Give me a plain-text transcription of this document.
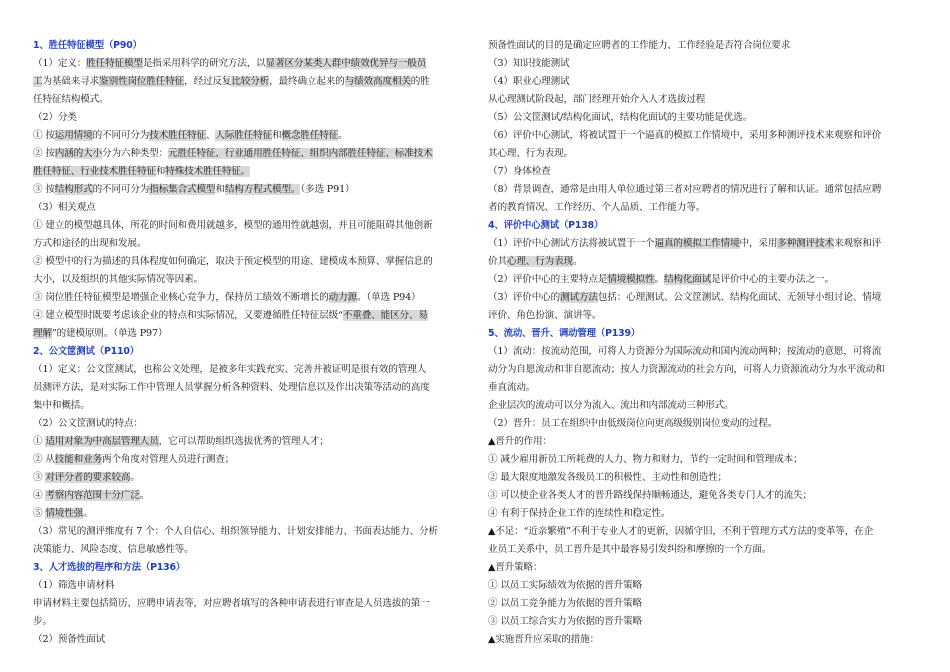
1、胜任特征模型（P90）
（1）定义：胜任特征模型是指采用科学的研究方法，以显著区分某类人群中绩效优异与一般员
工为基础来寻求鉴别性岗位胜任特征，经过反复比较分析，最终确立起来的与绩效高度相关的胜
任特征结构模式。
（2）分类
① 按运用情境的不同可分为技术胜任特征、人际胜任特征和概念胜任特征。
② 按内涵的大小分为六种类型：元胜任特征、行业通用胜任特征、组织内部胜任特征、标准技术
胜任特征、行业技术胜任特征和特殊技术胜任特征。
③ 按结构形式的不同可分为指标集合式模型和结构方程式模型。（多选 P91）
（3）相关观点
① 建立的模型越具体，所花的时间和费用就越多，模型的通用性就越弱，并且可能阻碍其他创新
方式和途径的出现和发展。
② 模型中的行为描述的具体程度如何确定，取决于预定模型的用途、建模成本预算、掌握信息的
大小，以及组织的其他实际情况等因素。
③ 岗位胜任特征模型是增强企业核心竞争力，保持员工绩效不断增长的动力源。（单选 P94）
④ 建立模型时既要考虑该企业的特点和实际情况，又要遵循胜任特征层级“不重叠、能区分、易
理解”的建模原则。（单选 P97）
2、公文筐测试（P110）
（1）定义：公文筐测试，也称公文处理，是被多年实践充实、完善并被证明是很有效的管理人
员测评方法，是对实际工作中管理人员掌握分析各种资料、处理信息以及作出决策等活动的高度
集中和概括。
（2）公文筐测试的特点：
① 适用对象为中高层管理人员，它可以帮助组织选拔优秀的管理人才；
② 从技能和业务两个角度对管理人员进行测查；
③ 对评分者的要求较高。
④ 考察内容范围十分广泛。
⑤ 情境性强。
（3）常见的测评维度有 7 个：个人自信心、组织领导能力、计划安排能力、书面表达能力、分析
决策能力、风险态度、信息敏感性等。
3、人才选拔的程序和方法（P136）
（1）筛选申请材料
申请材料主要包括简历、应聘申请表等，对应聘者填写的各种申请表进行审查是人员选拔的第一
步。
（2）预备性面试
预备性面试的目的是确定应聘者的工作能力、工作经验是否符合岗位要求
（3）知识技能测试
（4）职业心理测试
从心理测试阶段起，部门经理开始介入人才选拔过程
（5）公文筐测试/结构化面试，结构化面试的主要功能是优选。
（6）评价中心测试，将被试置于一个逼真的模拟工作情境中，采用多种测评技术来观察和评价
其心理、行为表现。
（7）身体检查
（8）背景调查，通常是由用人单位通过第三者对应聘者的情况进行了解和认证。通常包括应聘
者的教育情况、工作经历、个人品质、工作能力等。
4、评价中心测试（P138）
（1）评价中心测试方法将被试置于一个逼真的模拟工作情境中，采用多种测评技术来观察和评
价其心理、行为表现。
（2）评价中心的主要特点是情境模拟性。结构化面试是评价中心的主要办法之一。
（3）评价中心的测试方法包括：心理测试、公文筐测试、结构化面试、无领导小组讨论、情境
评价、角色扮演、演讲等。
5、流动、晋升、调动管理（P139）
（1）流动：按流动范围，可将人力资源分为国际流动和国内流动两种；按流动的意愿，可将流
动分为自愿流动和非自愿流动；按人力资源流动的社会方向，可将人力资源流动分为水平流动和
垂直流动。
企业层次的流动可以分为流入、流出和内部流动三种形式。
（2）晋升：员工在组织中由低级岗位向更高级级别岗位变动的过程。
▲晋升的作用：
① 减少雇用新员工所耗费的人力、物力和财力，节约一定时间和管理成本；
② 最大限度地激发各级员工的积极性、主动性和创造性；
③ 可以使企业各类人才的晋升路线保持顺畅通达，避免各类专门人才的流失；
④ 有利于保持企业工作的连续性和稳定性。
▲不足：“近亲繁殖”不利于专业人才的更新，因循守旧，不利于管理方式方法的变革等，在企
业员工关系中，员工晋升是其中最容易引发纠纷和摩擦的一个方面。
▲晋升策略：
① 以员工实际绩效为依据的晋升策略
② 以员工竞争能力为依据的晋升策略
③ 以员工综合实力为依据的晋升策略
▲实施晋升应采取的措施：
